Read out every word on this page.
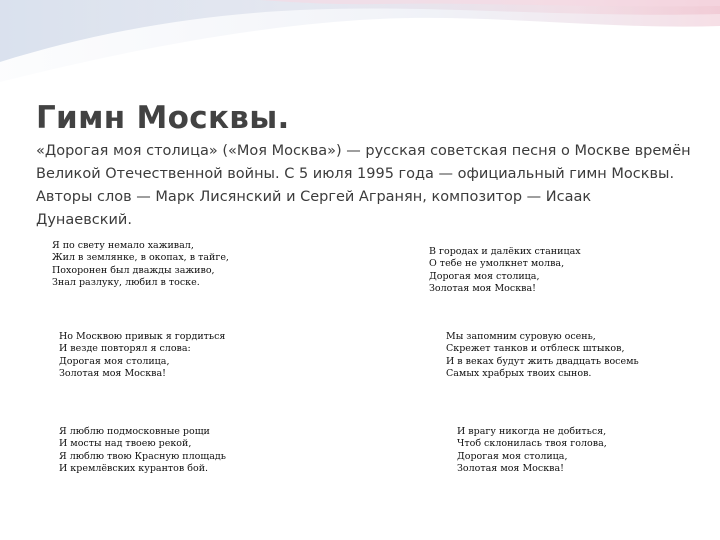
Гимн Москвы.

«Дорогая моя столица» («Моя Москва») — русская советская песня о Москве времён Великой Отечественной войны. С 5 июля 1995 года — официальный гимн Москвы. Авторы слов — Марк Лисянский и Сергей Агранян, композитор — Исаак Дунаевский.

Я по свету немало хаживал,
Жил в землянке, в окопах, в тайге,
Похоронен был дважды заживо,
Знал разлуку, любил в тоске.
В городах и далёких станицах
О тебе не умолкнет молва,
Дорогая моя столица,
Золотая моя Москва!
Но Москвою привык я гордиться
И везде повторял я слова:
Дорогая моя столица,
Золотая моя Москва!
Мы запомним суровую осень,
Скрежет танков и отблеск штыков,
И в веках будут жить двадцать восемь
Самых храбрых твоих сынов.
Я люблю подмосковные рощи
И мосты над твоею рекой,
Я люблю твою Красную площадь
И кремлёвских курантов бой.
И врагу никогда не добиться,
Чтоб склонилась твоя голова,
Дорогая моя столица,
Золотая моя Москва!
